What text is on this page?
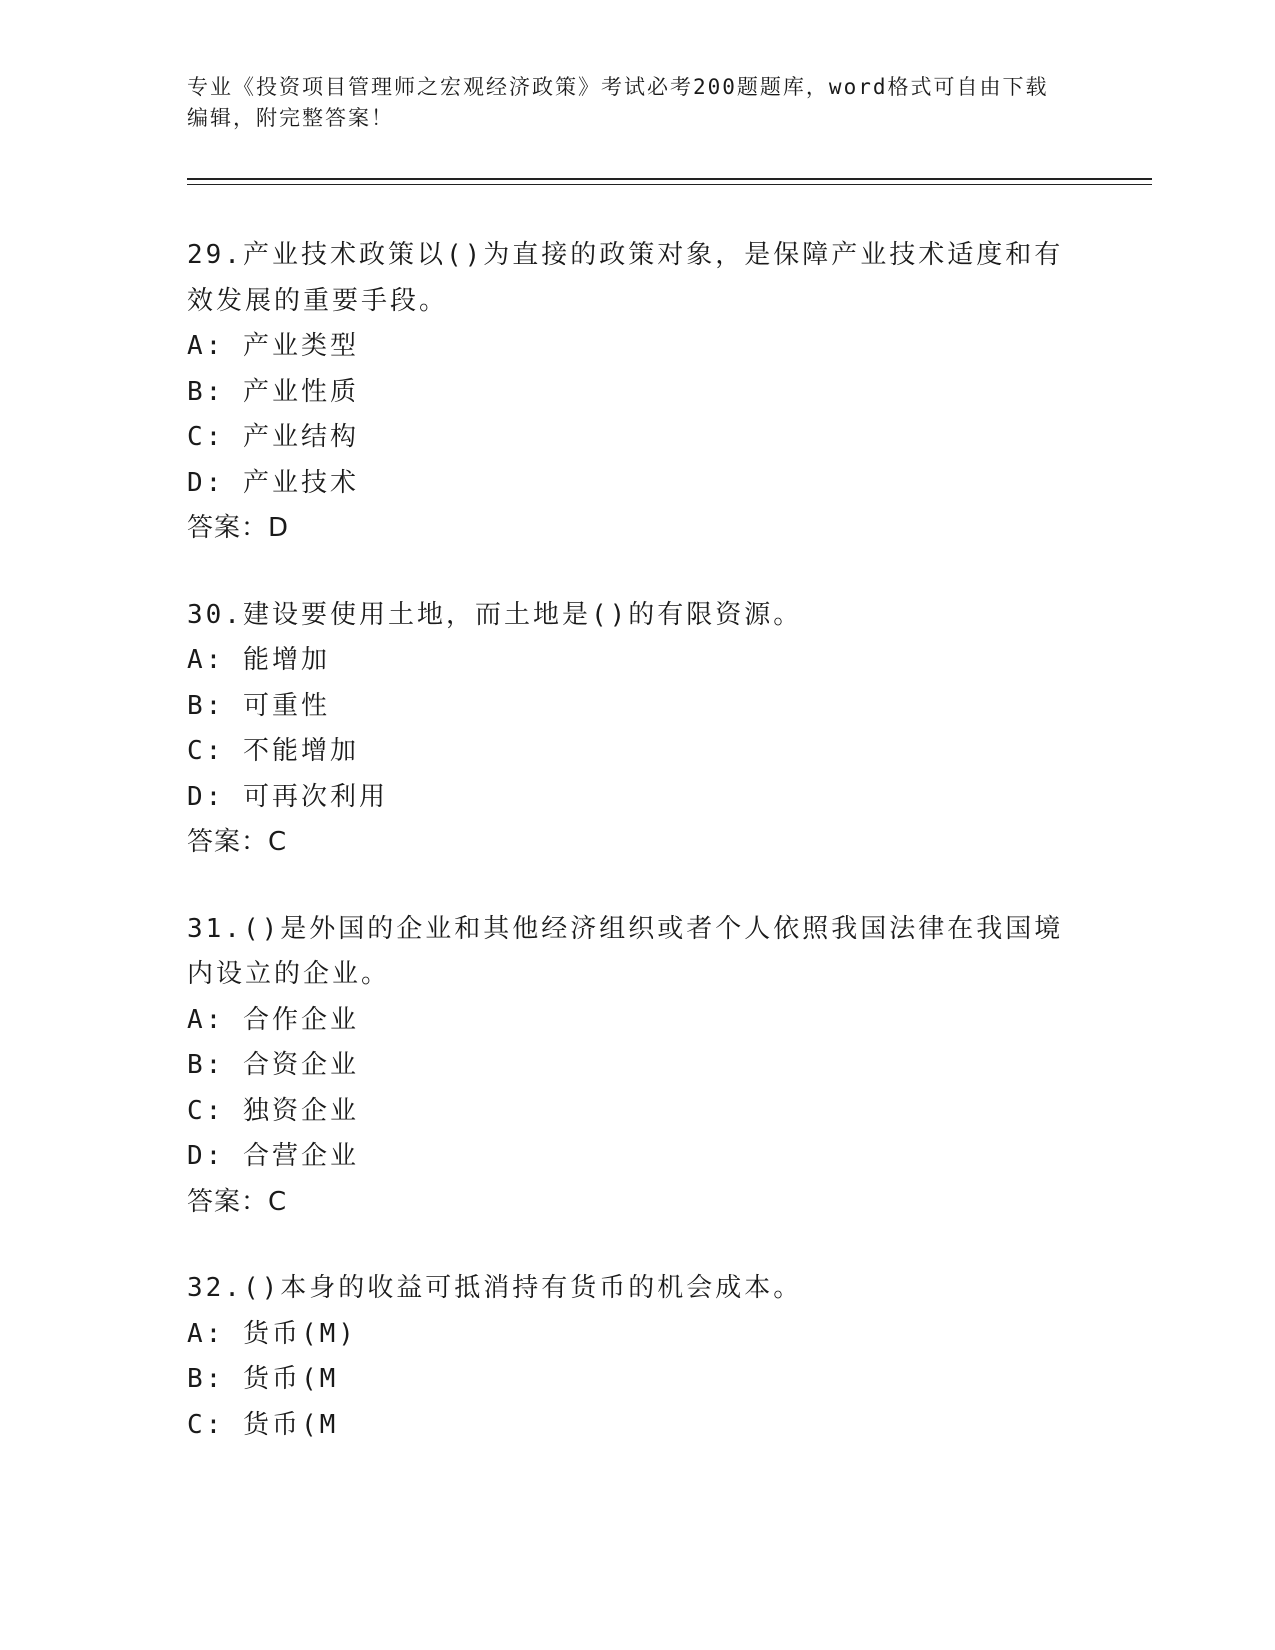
专业《投资项目管理师之宏观经济政策》考试必考200题题库，word格式可自由下载编辑，附完整答案！
29.产业技术政策以()为直接的政策对象，是保障产业技术适度和有效发展的重要手段。
A: 产业类型
B: 产业性质
C: 产业结构
D: 产业技术
答案：D
30.建设要使用土地，而土地是()的有限资源。
A: 能增加
B: 可重性
C: 不能增加
D: 可再次利用
答案：C
31.()是外国的企业和其他经济组织或者个人依照我国法律在我国境内设立的企业。
A: 合作企业
B: 合资企业
C: 独资企业
D: 合营企业
答案：C
32.()本身的收益可抵消持有货币的机会成本。
A: 货币(M)
B: 货币(M
C: 货币(M
